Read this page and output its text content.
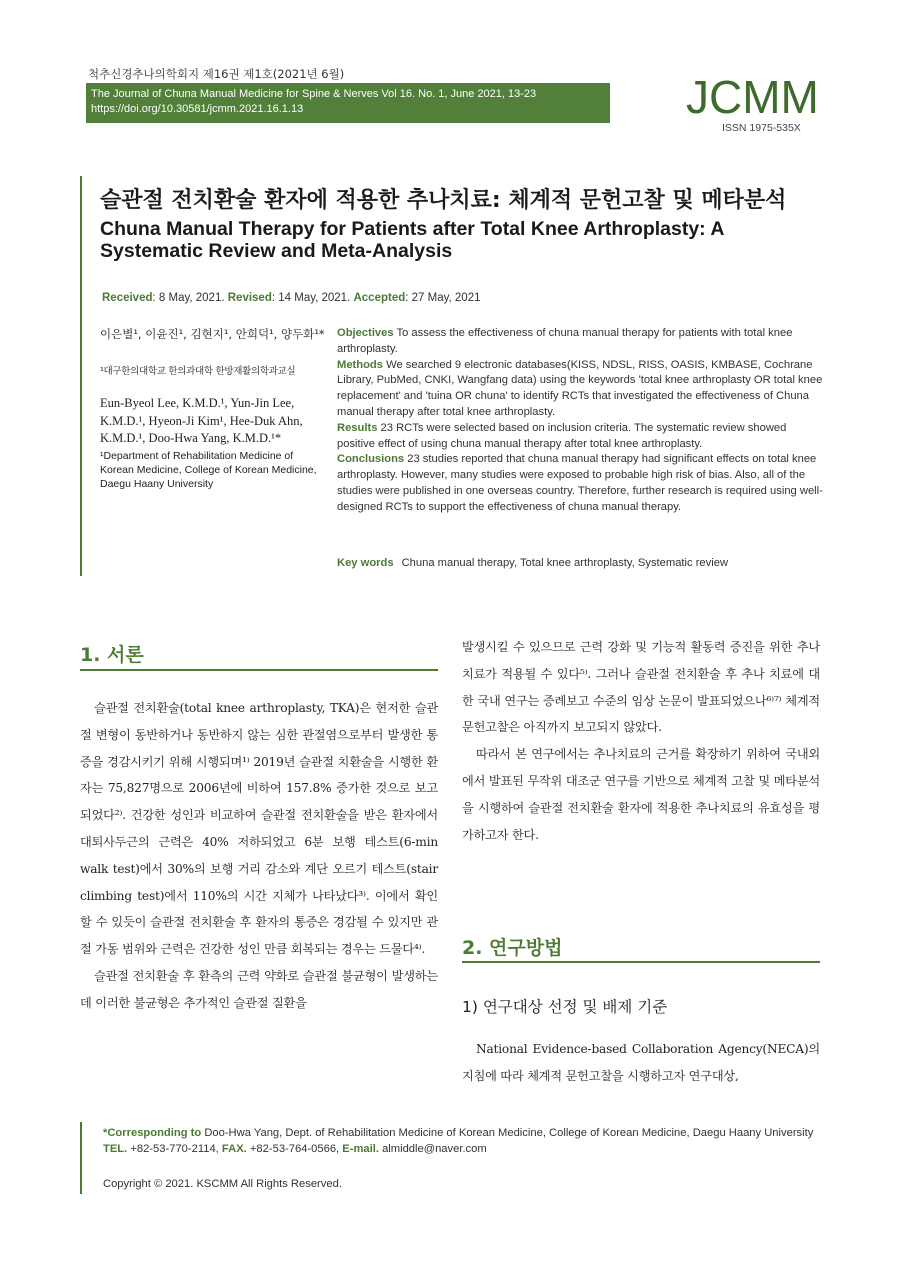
척추신경추나의학회지 제16권 제1호(2021년 6월)
The Journal of Chuna Manual Medicine for Spine & Nerves Vol 16. No. 1, June 2021, 13-23
https://doi.org/10.30581/jcmm.2021.16.1.13	JCMM
ISSN 1975-535X
슬관절 전치환술 환자에 적용한 추나치료: 체계적 문헌고찰 및 메타분석
Chuna Manual Therapy for Patients after Total Knee Arthroplasty: A Systematic Review and Meta-Analysis
Received: 8 May, 2021. Revised: 14 May, 2021. Accepted: 27 May, 2021
이은별¹, 이윤진¹, 김현지¹, 안희덕¹, 양두화¹*
¹대구한의대학교 한의과대학 한방재활의학과교실
Eun-Byeol Lee, K.M.D.¹, Yun-Jin Lee, K.M.D.¹, Hyeon-Ji Kim¹, Hee-Duk Ahn, K.M.D.¹, Doo-Hwa Yang, K.M.D.¹*
¹Department of Rehabilitation Medicine of Korean Medicine, College of Korean Medicine, Daegu Haany University

Objectives To assess the effectiveness of chuna manual therapy for patients with total knee arthroplasty.

Methods We searched 9 electronic databases(KISS, NDSL, RISS, OASIS, KMBASE, Cochrane Library, PubMed, CNKI, Wangfang data) using the keywords 'total knee arthroplasty OR total knee replacement' and 'tuina OR chuna' to identify RCTs that investigated the effectiveness of Chuna manual therapy after total knee arthroplasty.

Results 23 RCTs were selected based on inclusion criteria. The systematic review showed positive effect of using chuna manual therapy after total knee arthroplasty.

Conclusions 23 studies reported that chuna manual therapy had significant effects on total knee arthroplasty. However, many studies were exposed to probable high risk of bias. Also, all of the studies were published in one overseas country. Therefore, further research is required using well-designed RCTs to support the effectiveness of chuna manual therapy.

Key words Chuna manual therapy, Total knee arthroplasty, Systematic review
1. 서론

슬관절 전치환술(total knee arthroplasty, TKA)은 현저한 슬관절 변형이 동반하거나 동반하지 않는 심한 관절염으로부터 발생한 통증을 경감시키기 위해 시행되며¹⁾ 2019년 슬관절 치환술을 시행한 환자는 75,827명으로 2006년에 비하여 157.8% 증가한 것으로 보고되었다²⁾. 건강한 성인과 비교하여 슬관절 전치환술을 받은 환자에서 대퇴사두근의 근력은 40% 저하되었고 6분 보행 테스트(6-min walk test)에서 30%의 보행 거리 감소와 계단 오르기 테스트(stair climbing test)에서 110%의 시간 지체가 나타났다³⁾. 이에서 확인할 수 있듯이 슬관절 전치환술 후 환자의 통증은 경감될 수 있지만 관절 가동 범위와 근력은 건강한 성인 만큼 회복되는 경우는 드물다⁴⁾.

슬관절 전치환술 후 환측의 근력 약화로 슬관절 불균형이 발생하는데 이러한 불균형은 추가적인 슬관절 질환을

발생시킬 수 있으므로 근력 강화 및 기능적 활동력 증진을 위한 추나치료가 적용될 수 있다⁵⁾. 그러나 슬관절 전치환술 후 추나 치료에 대한 국내 연구는 증례보고 수준의 임상 논문이 발표되었으나⁶⁾⁷⁾ 체계적 문헌고찰은 아직까지 보고되지 않았다.

따라서 본 연구에서는 추나치료의 근거를 확장하기 위하여 국내외에서 발표된 무작위 대조군 연구를 기반으로 체계적 고찰 및 메타분석을 시행하여 슬관절 전치환술 환자에 적용한 추나치료의 유효성을 평가하고자 한다.

2. 연구방법
1) 연구대상 선정 및 배제 기준

National Evidence-based Collaboration Agency(NECA)의 지침에 따라 체계적 문헌고찰을 시행하고자 연구대상,

*Corresponding to Doo-Hwa Yang, Dept. of Rehabilitation Medicine of Korean Medicine, College of Korean Medicine, Daegu Haany University
TEL. +82-53-770-2114, FAX. +82-53-764-0566, E-mail. almiddle@naver.com
Copyright © 2021. KSCMM All Rights Reserved.
